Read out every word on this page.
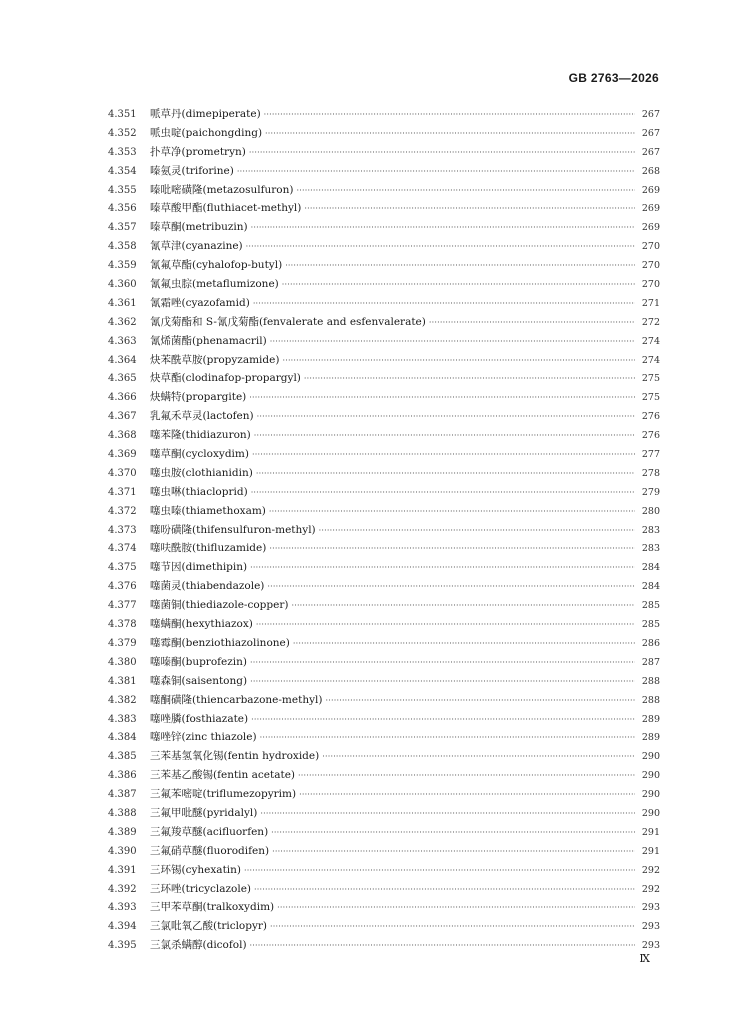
GB 2763—2026
4.351	哌草丹(dimepiperate) ·····	267
4.352	哌虫啶(paichongding) ·····	267
4.353	扑草净(prometryn) ·····	267
4.354	嗪氨灵(triforine) ·····	268
4.355	嗪吡嘧磺隆(metazosulfuron) ·····	269
4.356	嗪草酸甲酯(fluthiacet-methyl) ·····	269
4.357	嗪草酮(metribuzin) ·····	269
4.358	氰草津(cyanazine) ·····	270
4.359	氰氟草酯(cyhalofop-butyl) ·····	270
4.360	氰氟虫腙(metaflumizone) ·····	270
4.361	氰霜唑(cyazofamid) ·····	271
4.362	氰戊菊酯和 S-氰戊菊酯(fenvalerate and esfenvalerate) ·····	272
4.363	氰烯菌酯(phenamacril) ·····	274
4.364	炔苯酰草胺(propyzamide) ·····	274
4.365	炔草酯(clodinafop-propargyl) ·····	275
4.366	炔螨特(propargite) ·····	275
4.367	乳氟禾草灵(lactofen) ·····	276
4.368	噻苯隆(thidiazuron) ·····	276
4.369	噻草酮(cycloxydim) ·····	277
4.370	噻虫胺(clothianidin) ·····	278
4.371	噻虫啉(thiacloprid) ·····	279
4.372	噻虫嗪(thiamethoxam) ·····	280
4.373	噻吩磺隆(thifensulfuron-methyl) ·····	283
4.374	噻呋酰胺(thifluzamide) ·····	283
4.375	噻节因(dimethipin) ·····	284
4.376	噻菌灵(thiabendazole) ·····	284
4.377	噻菌铜(thiediazole-copper) ·····	285
4.378	噻螨酮(hexythiazox) ·····	285
4.379	噻霉酮(benziothiazolinone) ·····	286
4.380	噻嗪酮(buprofezin) ·····	287
4.381	噻森铜(saisentong) ·····	288
4.382	噻酮磺隆(thiencarbazone-methyl) ·····	288
4.383	噻唑膦(fosthiazate) ·····	289
4.384	噻唑锌(zinc thiazole) ·····	289
4.385	三苯基氢氧化锡(fentin hydroxide) ·····	290
4.386	三苯基乙酸锡(fentin acetate) ·····	290
4.387	三氟苯嘧啶(triflumezopyrim) ·····	290
4.388	三氟甲吡醚(pyridalyl) ·····	290
4.389	三氟羧草醚(acifluorfen) ·····	291
4.390	三氟硝草醚(fluorodifen) ·····	291
4.391	三环锡(cyhexatin) ·····	292
4.392	三环唑(tricyclazole) ·····	292
4.393	三甲苯草酮(tralkoxydim) ·····	293
4.394	三氯吡氧乙酸(triclopyr) ·····	293
4.395	三氯杀螨醇(dicofol) ·····	293
Ⅸ
